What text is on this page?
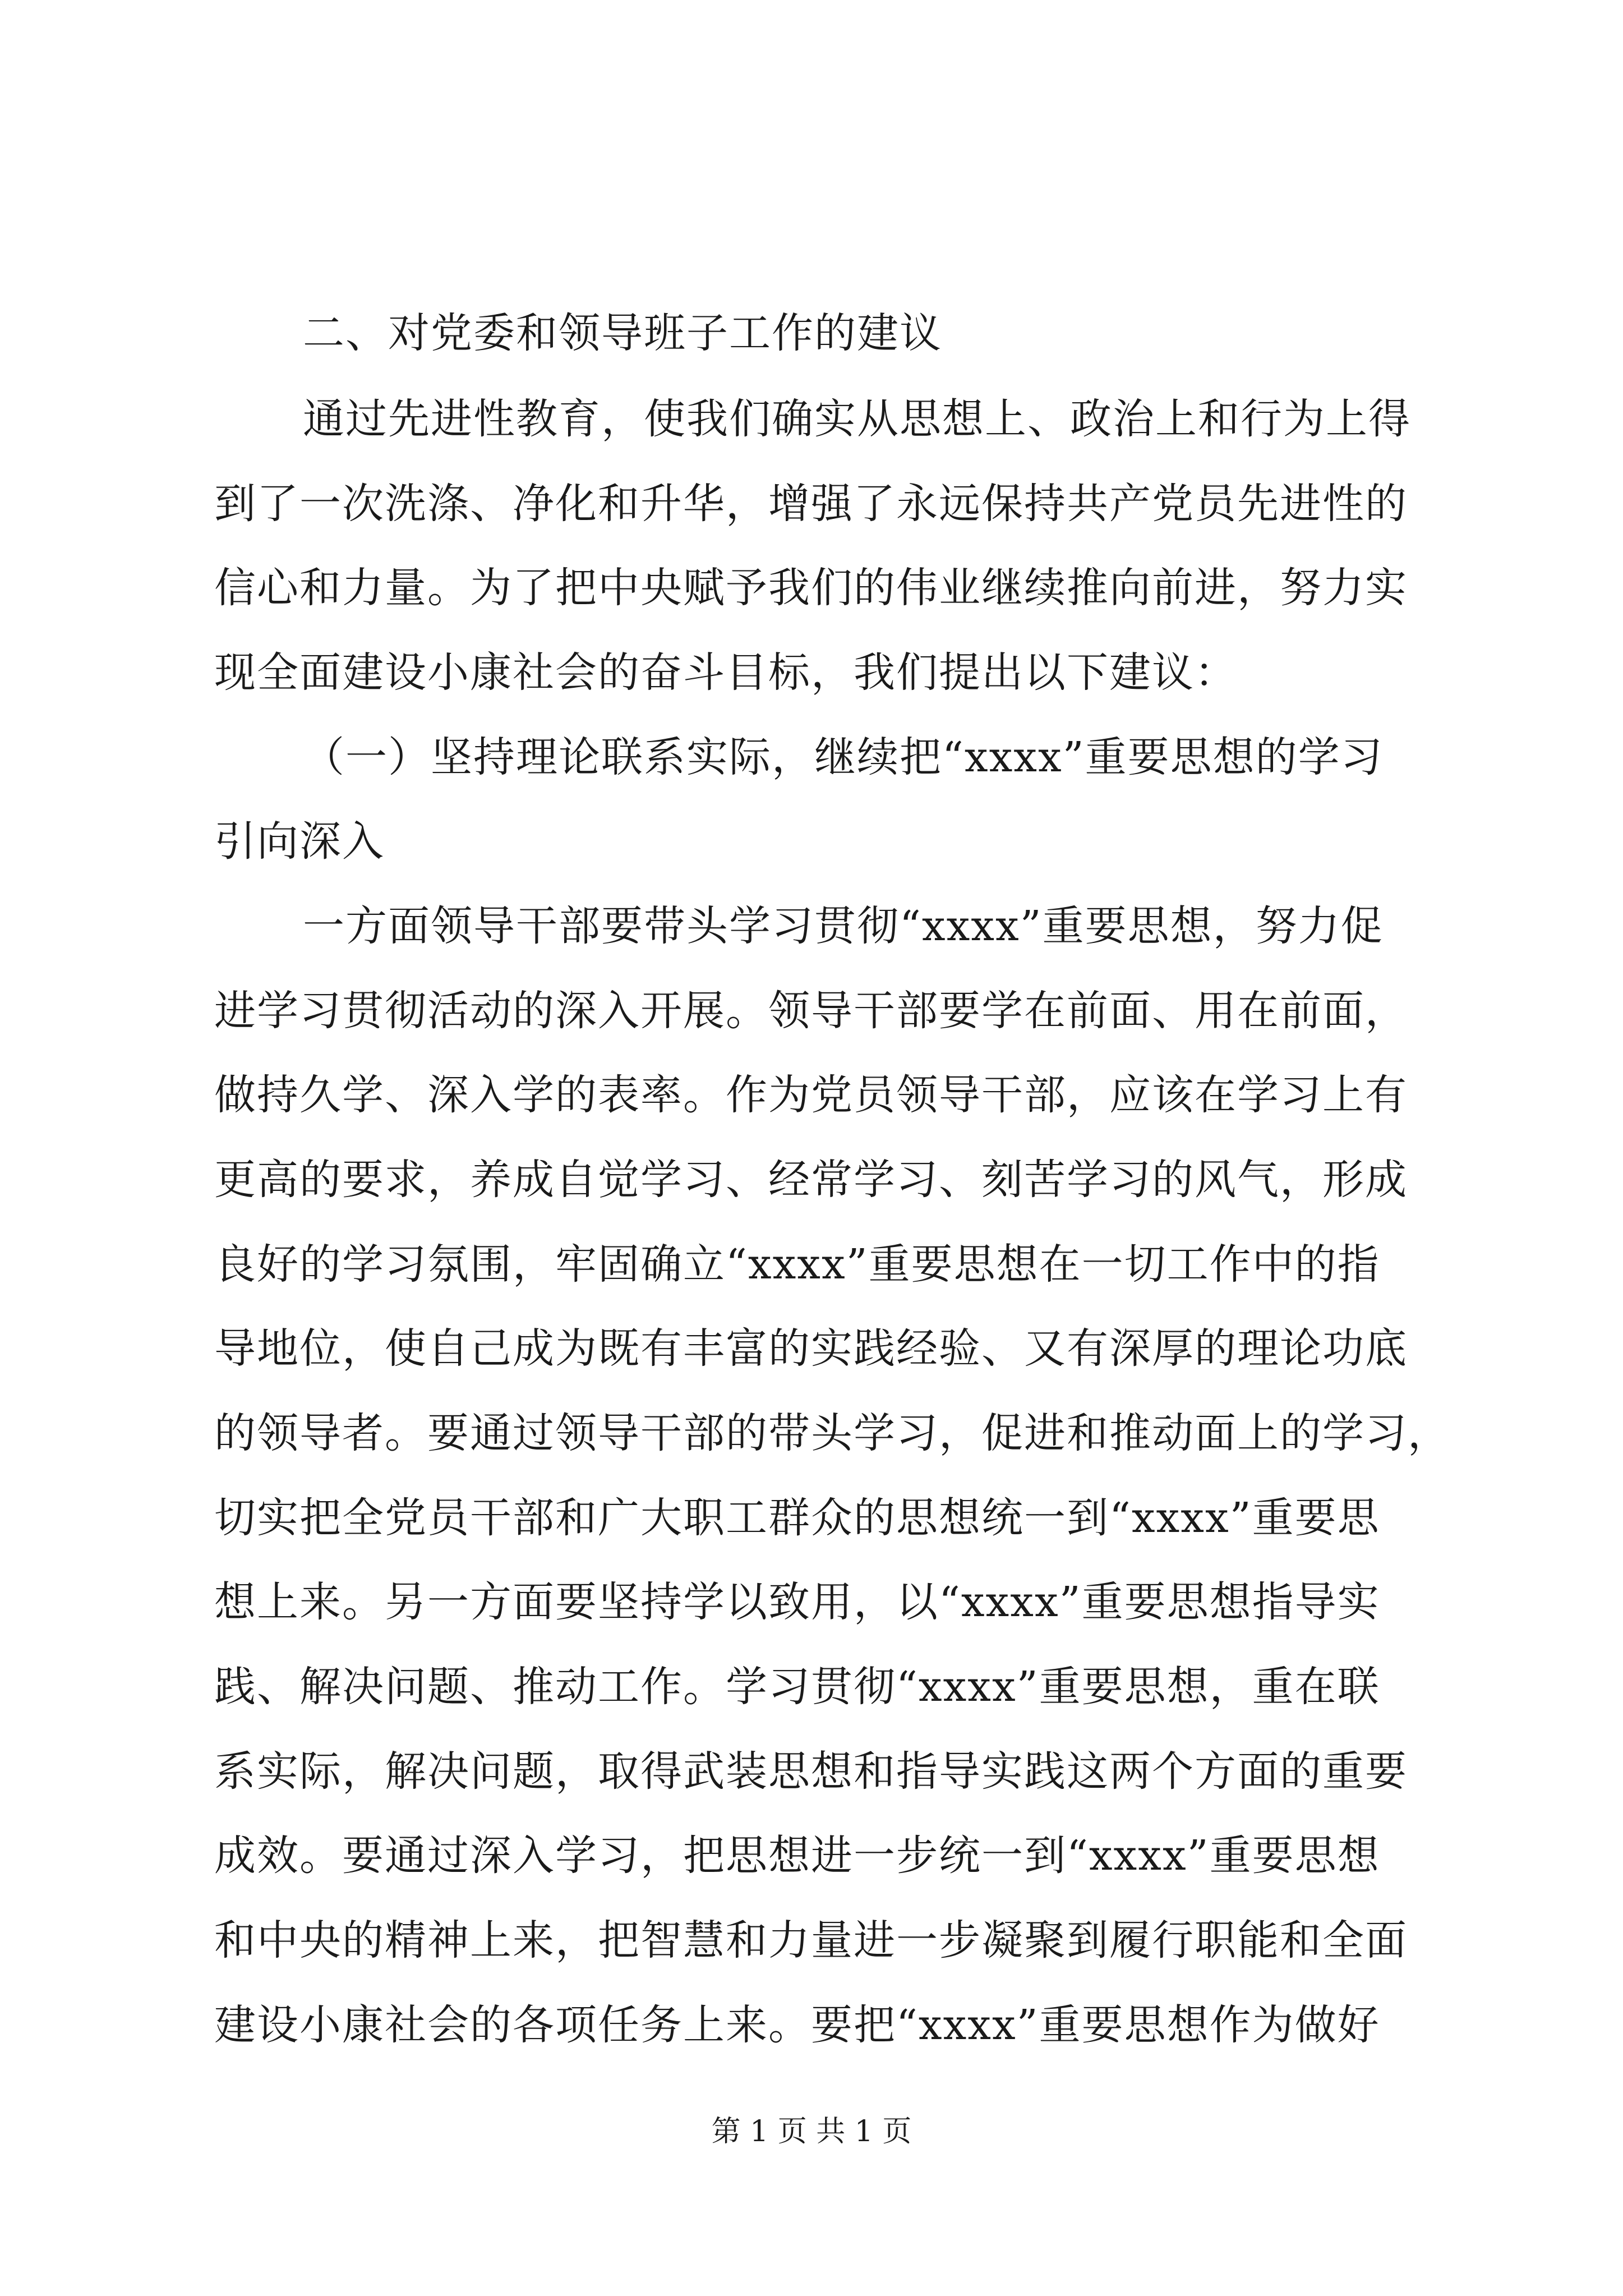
二、对党委和领导班子工作的建议
通过先进性教育，使我们确实从思想上、政治上和行为上得
到了一次洗涤、净化和升华，增强了永远保持共产党员先进性的
信心和力量。为了把中央赋予我们的伟业继续推向前进，努力实
现全面建设小康社会的奋斗目标，我们提出以下建议：
（一）坚持理论联系实际，继续把“xxxx”重要思想的学习
引向深入
一方面领导干部要带头学习贯彻“xxxx”重要思想，努力促
进学习贯彻活动的深入开展。领导干部要学在前面、用在前面，
做持久学、深入学的表率。作为党员领导干部，应该在学习上有
更高的要求，养成自觉学习、经常学习、刻苦学习的风气，形成
良好的学习氛围，牢固确立“xxxx”重要思想在一切工作中的指
导地位，使自己成为既有丰富的实践经验、又有深厚的理论功底
的领导者。要通过领导干部的带头学习，促进和推动面上的学习，
切实把全党员干部和广大职工群众的思想统一到“xxxx”重要思
想上来。另一方面要坚持学以致用，以“xxxx”重要思想指导实
践、解决问题、推动工作。学习贯彻“xxxx”重要思想，重在联
系实际，解决问题，取得武装思想和指导实践这两个方面的重要
成效。要通过深入学习，把思想进一步统一到“xxxx”重要思想
和中央的精神上来，把智慧和力量进一步凝聚到履行职能和全面
建设小康社会的各项任务上来。要把“xxxx”重要思想作为做好
第 1 页 共 1 页
